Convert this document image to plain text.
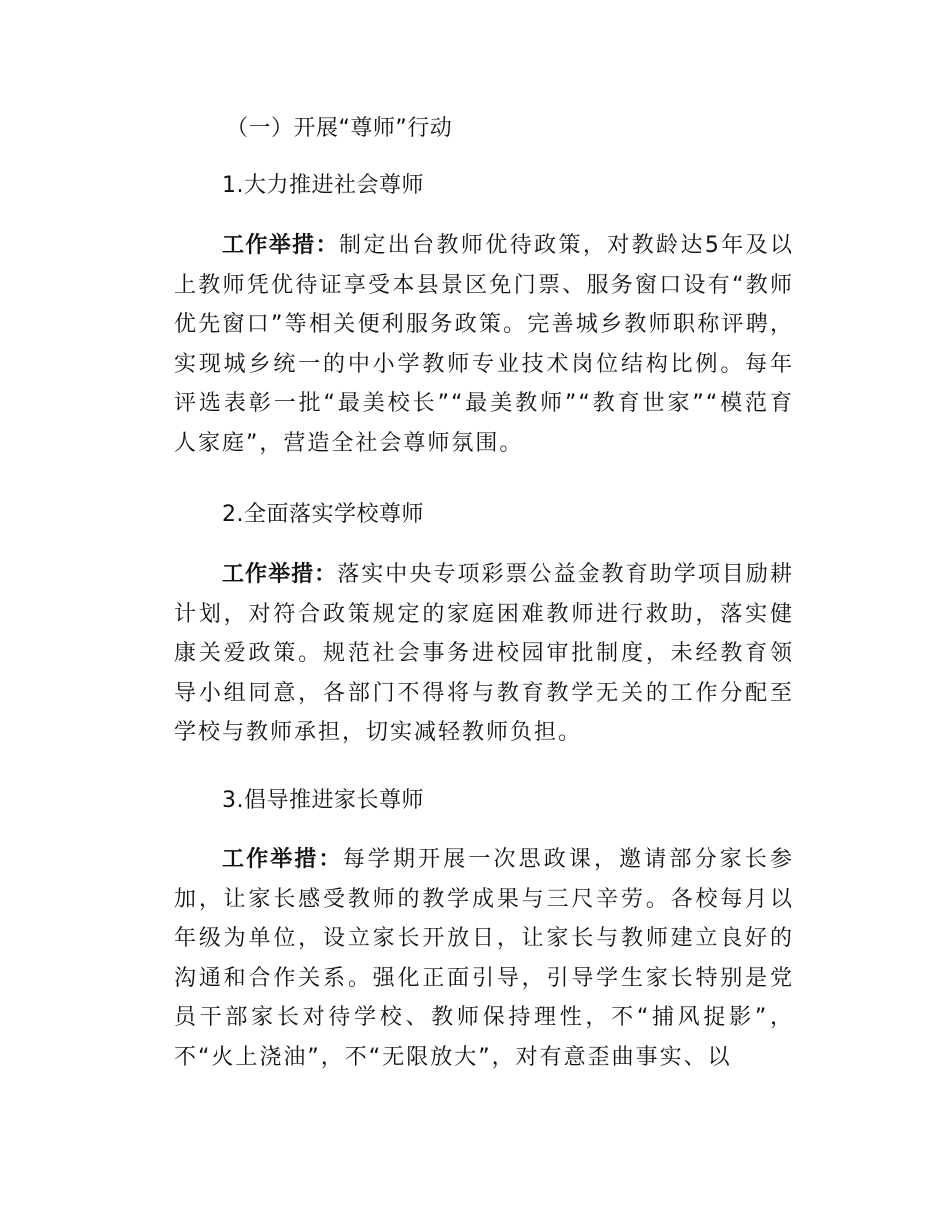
（一）开展“尊师”行动
1.大力推进社会尊师
工作举措：制定出台教师优待政策，对教龄达5年及以上教师凭优待证享受本县景区免门票、服务窗口设有“教师优先窗口”等相关便利服务政策。完善城乡教师职称评聘，实现城乡统一的中小学教师专业技术岗位结构比例。每年评选表彰一批“最美校长”“最美教师”“教育世家”“模范育人家庭”，营造全社会尊师氛围。
2.全面落实学校尊师
工作举措：落实中央专项彩票公益金教育助学项目励耕计划，对符合政策规定的家庭困难教师进行救助，落实健康关爱政策。规范社会事务进校园审批制度，未经教育领导小组同意，各部门不得将与教育教学无关的工作分配至学校与教师承担，切实减轻教师负担。
3.倡导推进家长尊师
工作举措：每学期开展一次思政课，邀请部分家长参加，让家长感受教师的教学成果与三尺辛劳。各校每月以年级为单位，设立家长开放日，让家长与教师建立良好的沟通和合作关系。强化正面引导，引导学生家长特别是党员干部家长对待学校、教师保持理性，不“捕风捉影”，不“火上浇油”，不“无限放大”，对有意歪曲事实、以
